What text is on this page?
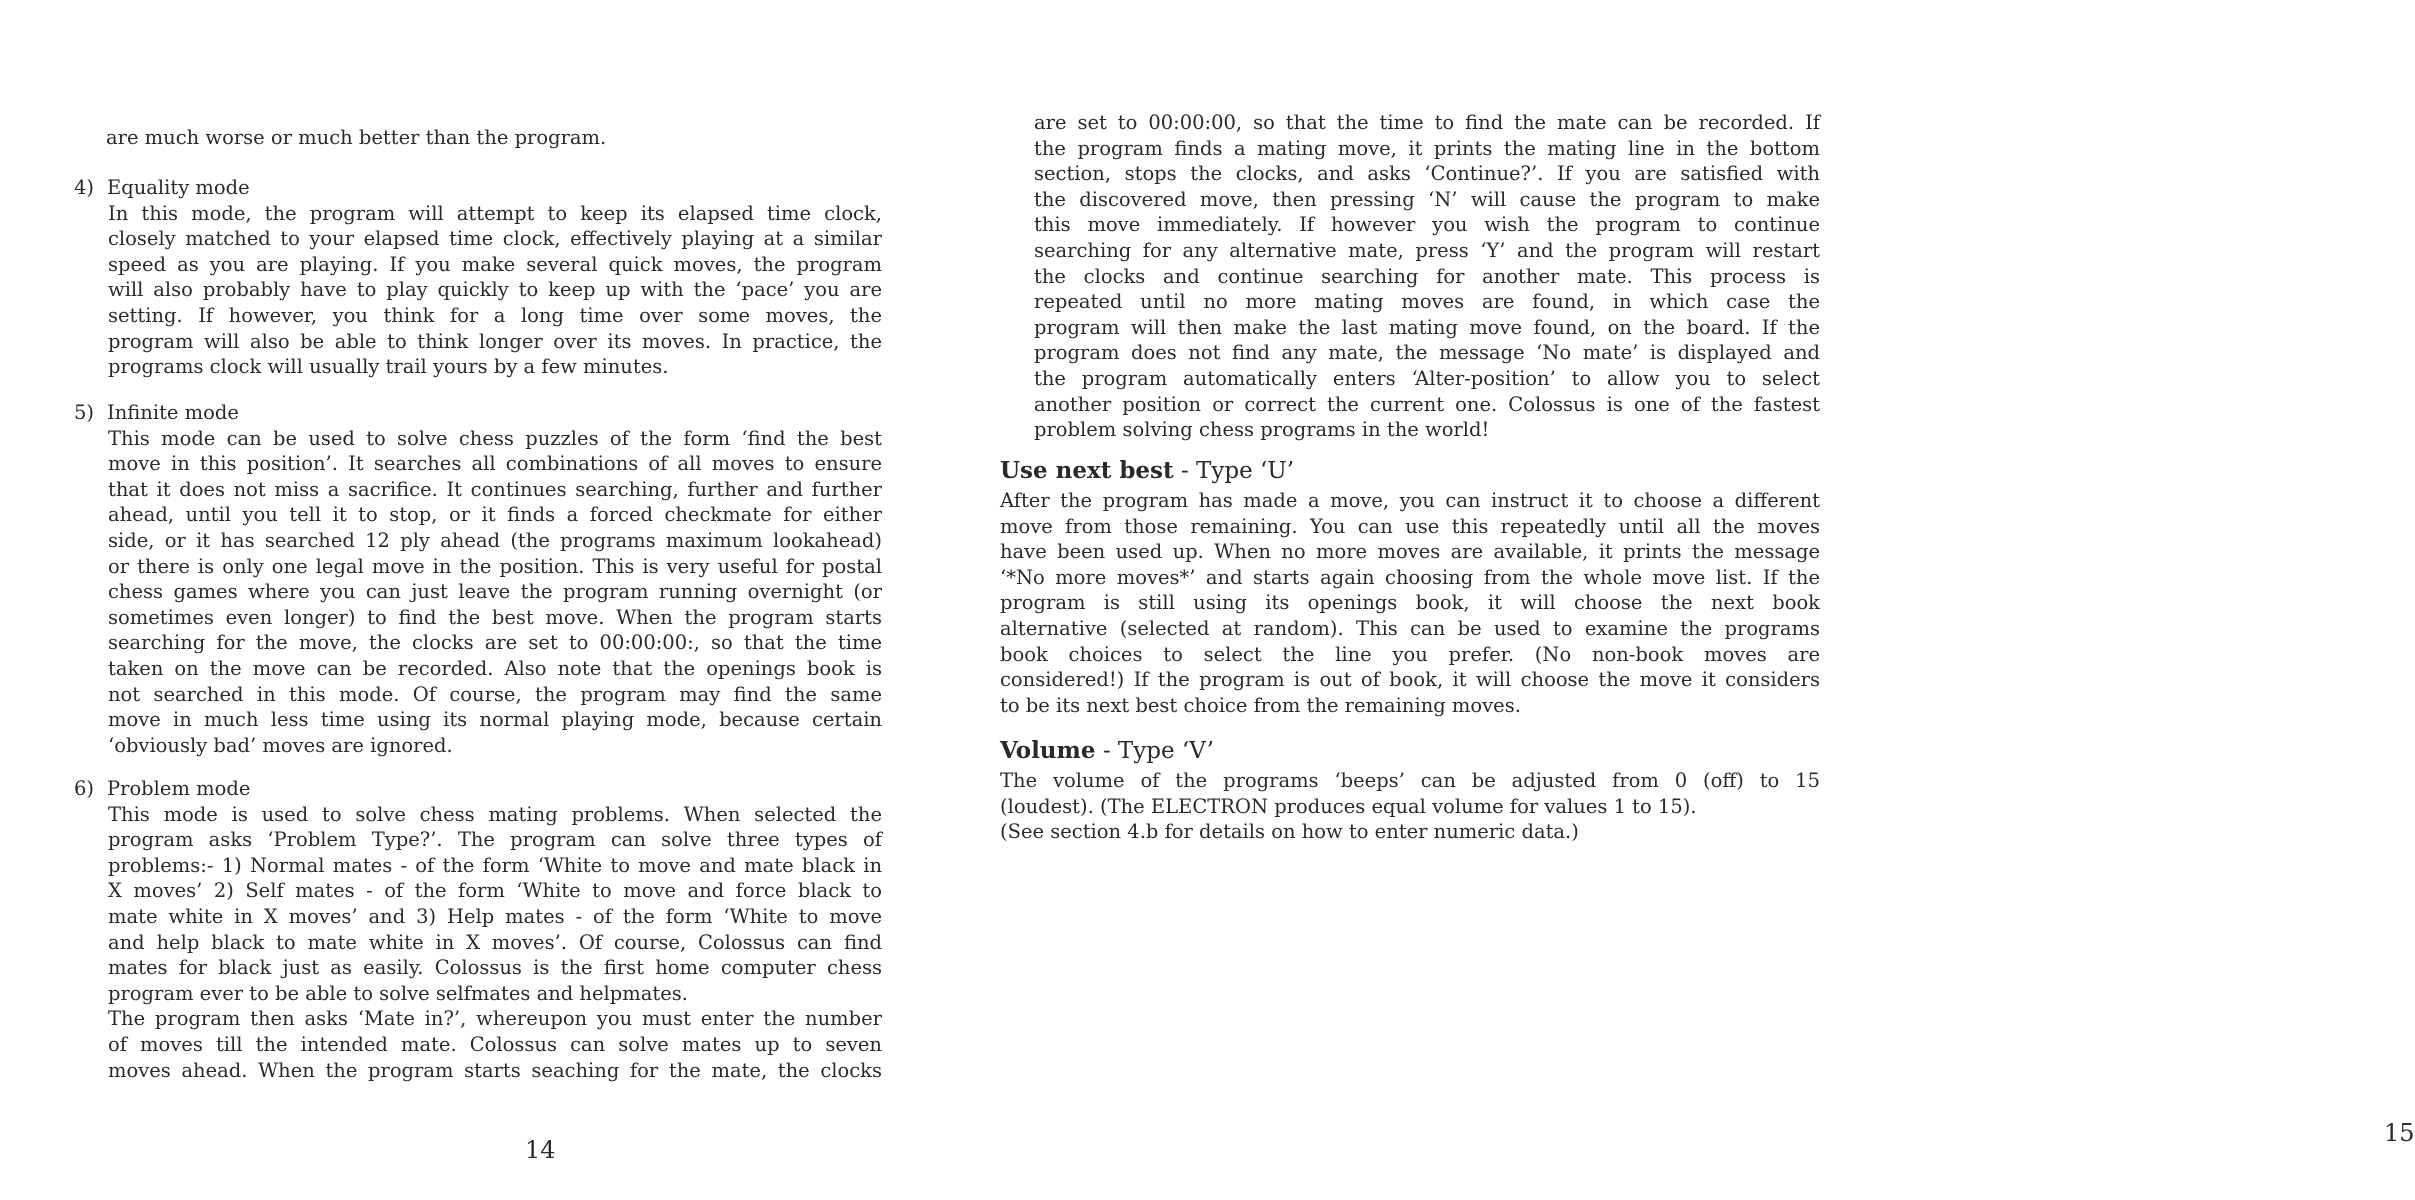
are much worse or much better than the program.
4) Equality mode
In this mode, the program will attempt to keep its elapsed time clock,
closely matched to your elapsed time clock, effectively playing at a similar
speed as you are playing. If you make several quick moves, the program
will also probably have to play quickly to keep up with the ‘pace’ you are
setting. If however, you think for a long time over some moves, the
program will also be able to think longer over its moves. In practice, the
programs clock will usually trail yours by a few minutes.
5) Infinite mode
This mode can be used to solve chess puzzles of the form ‘find the best
move in this position’. It searches all combinations of all moves to ensure
that it does not miss a sacrifice. It continues searching, further and further
ahead, until you tell it to stop, or it finds a forced checkmate for either
side, or it has searched 12 ply ahead (the programs maximum lookahead)
or there is only one legal move in the position. This is very useful for postal
chess games where you can just leave the program running overnight (or
sometimes even longer) to find the best move. When the program starts
searching for the move, the clocks are set to 00:00:00:, so that the time
taken on the move can be recorded. Also note that the openings book is
not searched in this mode. Of course, the program may find the same
move in much less time using its normal playing mode, because certain
‘obviously bad’ moves are ignored.
6) Problem mode
This mode is used to solve chess mating problems. When selected the
program asks ‘Problem Type?’. The program can solve three types of
problems:- 1) Normal mates - of the form ‘White to move and mate black in
X moves’ 2) Self mates - of the form ‘White to move and force black to
mate white in X moves’ and 3) Help mates - of the form ‘White to move
and help black to mate white in X moves’. Of course, Colossus can find
mates for black just as easily. Colossus is the first home computer chess
program ever to be able to solve selfmates and helpmates.
The program then asks ‘Mate in?’, whereupon you must enter the number
of moves till the intended mate. Colossus can solve mates up to seven
moves ahead. When the program starts seaching for the mate, the clocks
14
are set to 00:00:00, so that the time to find the mate can be recorded. If
the program finds a mating move, it prints the mating line in the bottom
section, stops the clocks, and asks ‘Continue?’. If you are satisfied with
the discovered move, then pressing ‘N’ will cause the program to make
this move immediately. If however you wish the program to continue
searching for any alternative mate, press ‘Y’ and the program will restart
the clocks and continue searching for another mate. This process is
repeated until no more mating moves are found, in which case the
program will then make the last mating move found, on the board. If the
program does not find any mate, the message ‘No mate’ is displayed and
the program automatically enters ‘Alter-position’ to allow you to select
another position or correct the current one. Colossus is one of the fastest
problem solving chess programs in the world!
Use next best - Type ‘U’
After the program has made a move, you can instruct it to choose a different
move from those remaining. You can use this repeatedly until all the moves
have been used up. When no more moves are available, it prints the message
‘*No more moves*’ and starts again choosing from the whole move list. If the
program is still using its openings book, it will choose the next book
alternative (selected at random). This can be used to examine the programs
book choices to select the line you prefer. (No non-book moves are
considered!) If the program is out of book, it will choose the move it considers
to be its next best choice from the remaining moves.
Volume - Type ‘V’
The volume of the programs ‘beeps’ can be adjusted from 0 (off) to 15
(loudest). (The ELECTRON produces equal volume for values 1 to 15).
(See section 4.b for details on how to enter numeric data.)
15
